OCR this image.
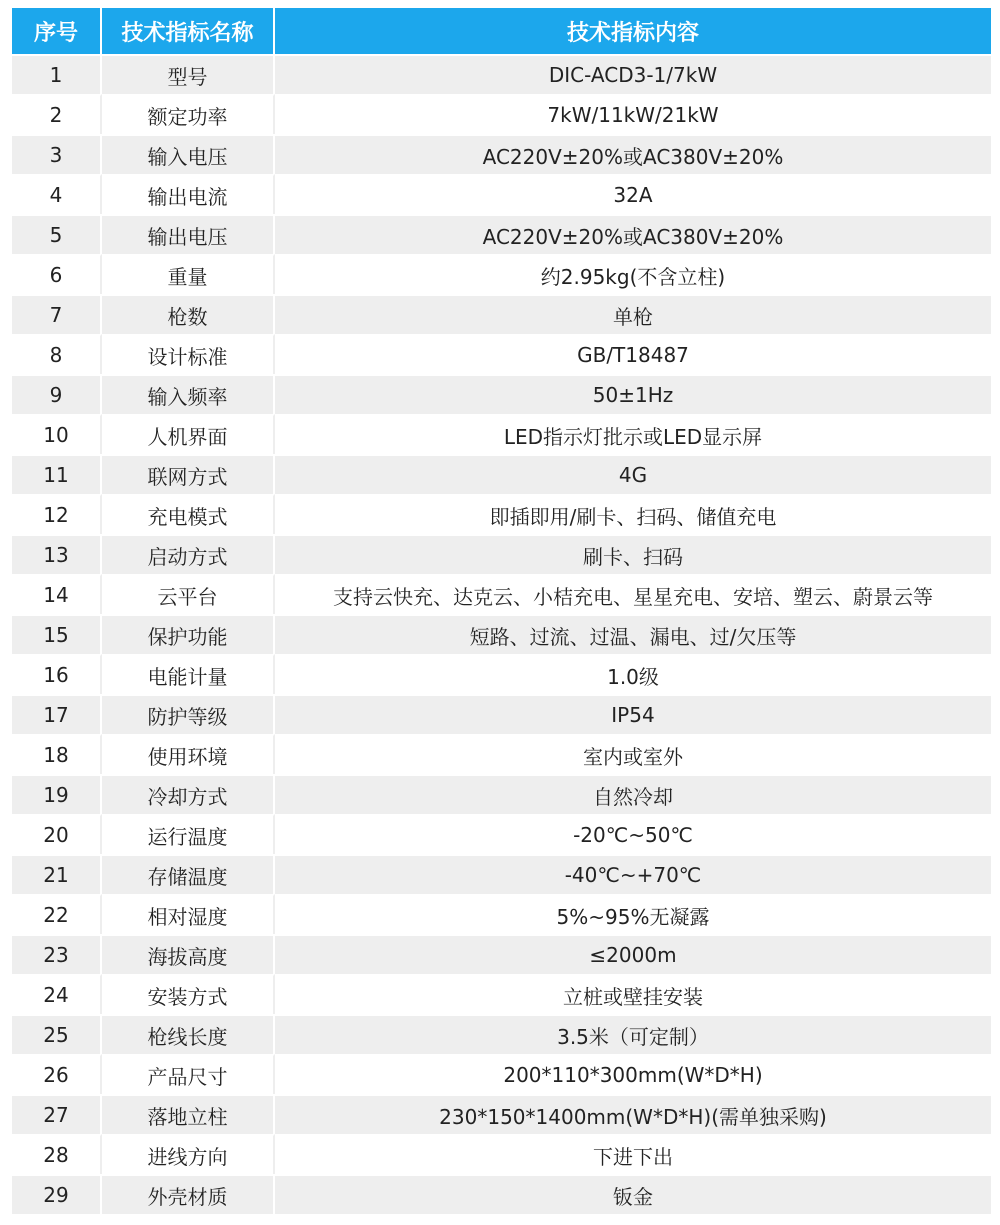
序号	技术指标名称	技术指标内容
1	型号	DIC-ACD3-1/7kW
2	额定功率	7kW/11kW/21kW
3	输入电压	AC220V±20%或AC380V±20%
4	输出电流	32A
5	输出电压	AC220V±20%或AC380V±20%
6	重量	约2.95kg(不含立柱)
7	枪数	单枪
8	设计标准	GB/T18487
9	输入频率	50±1Hz
10	人机界面	LED指示灯批示或LED显示屏
11	联网方式	4G
12	充电模式	即插即用/刷卡、扫码、储值充电
13	启动方式	刷卡、扫码
14	云平台	支持云快充、达克云、小桔充电、星星充电、安培、塑云、蔚景云等
15	保护功能	短路、过流、过温、漏电、过/欠压等
16	电能计量	1.0级
17	防护等级	IP54
18	使用环境	室内或室外
19	冷却方式	自然冷却
20	运行温度	-20℃~50℃
21	存储温度	-40℃~+70℃
22	相对湿度	5%~95%无凝露
23	海拔高度	≤2000m
24	安装方式	立桩或壁挂安装
25	枪线长度	3.5米（可定制）
26	产品尺寸	200*110*300mm(W*D*H)
27	落地立柱	230*150*1400mm(W*D*H)(需单独采购)
28	进线方向	下进下出
29	外壳材质	钣金
